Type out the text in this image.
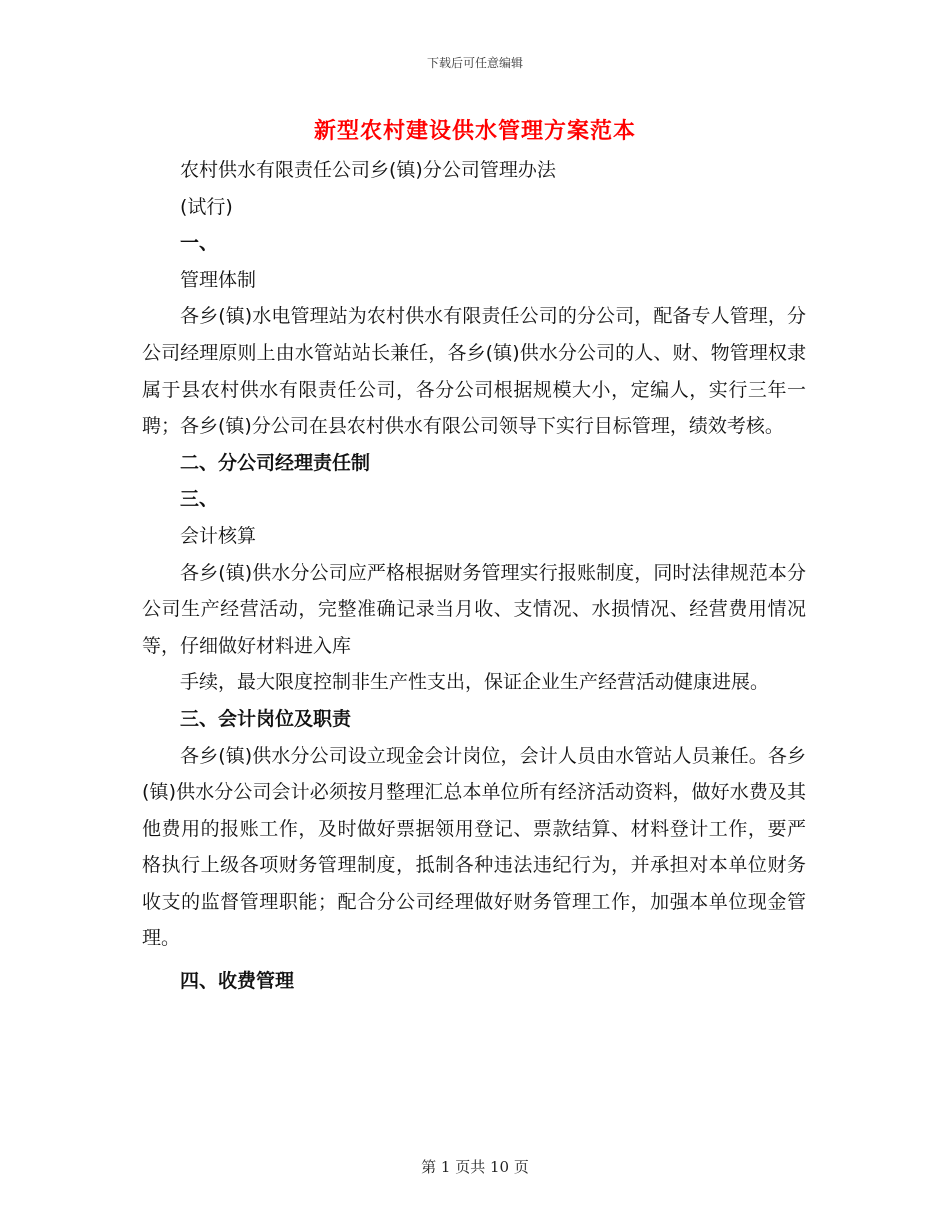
下载后可任意编辑
新型农村建设供水管理方案范本
农村供水有限责任公司乡(镇)分公司管理办法
(试行)
一、
管理体制

各乡(镇)水电管理站为农村供水有限责任公司的分公司，配备专人管理，分公司经理原则上由水管站站长兼任，各乡(镇)供水分公司的人、财、物管理权隶属于县农村供水有限责任公司，各分公司根据规模大小，定编人，实行三年一聘；各乡(镇)分公司在县农村供水有限公司领导下实行目标管理，绩效考核。

二、分公司经理责任制
三、
会计核算

各乡(镇)供水分公司应严格根据财务管理实行报账制度，同时法律规范本分公司生产经营活动，完整准确记录当月收、支情况、水损情况、经营费用情况等，仔细做好材料进入库

手续，最大限度控制非生产性支出，保证企业生产经营活动健康进展。

三、会计岗位及职责

各乡(镇)供水分公司设立现金会计岗位，会计人员由水管站人员兼任。各乡(镇)供水分公司会计必须按月整理汇总本单位所有经济活动资料，做好水费及其他费用的报账工作，及时做好票据领用登记、票款结算、材料登计工作，要严格执行上级各项财务管理制度，抵制各种违法违纪行为，并承担对本单位财务收支的监督管理职能；配合分公司经理做好财务管理工作，加强本单位现金管理。

四、收费管理
第 1 页共 10 页
